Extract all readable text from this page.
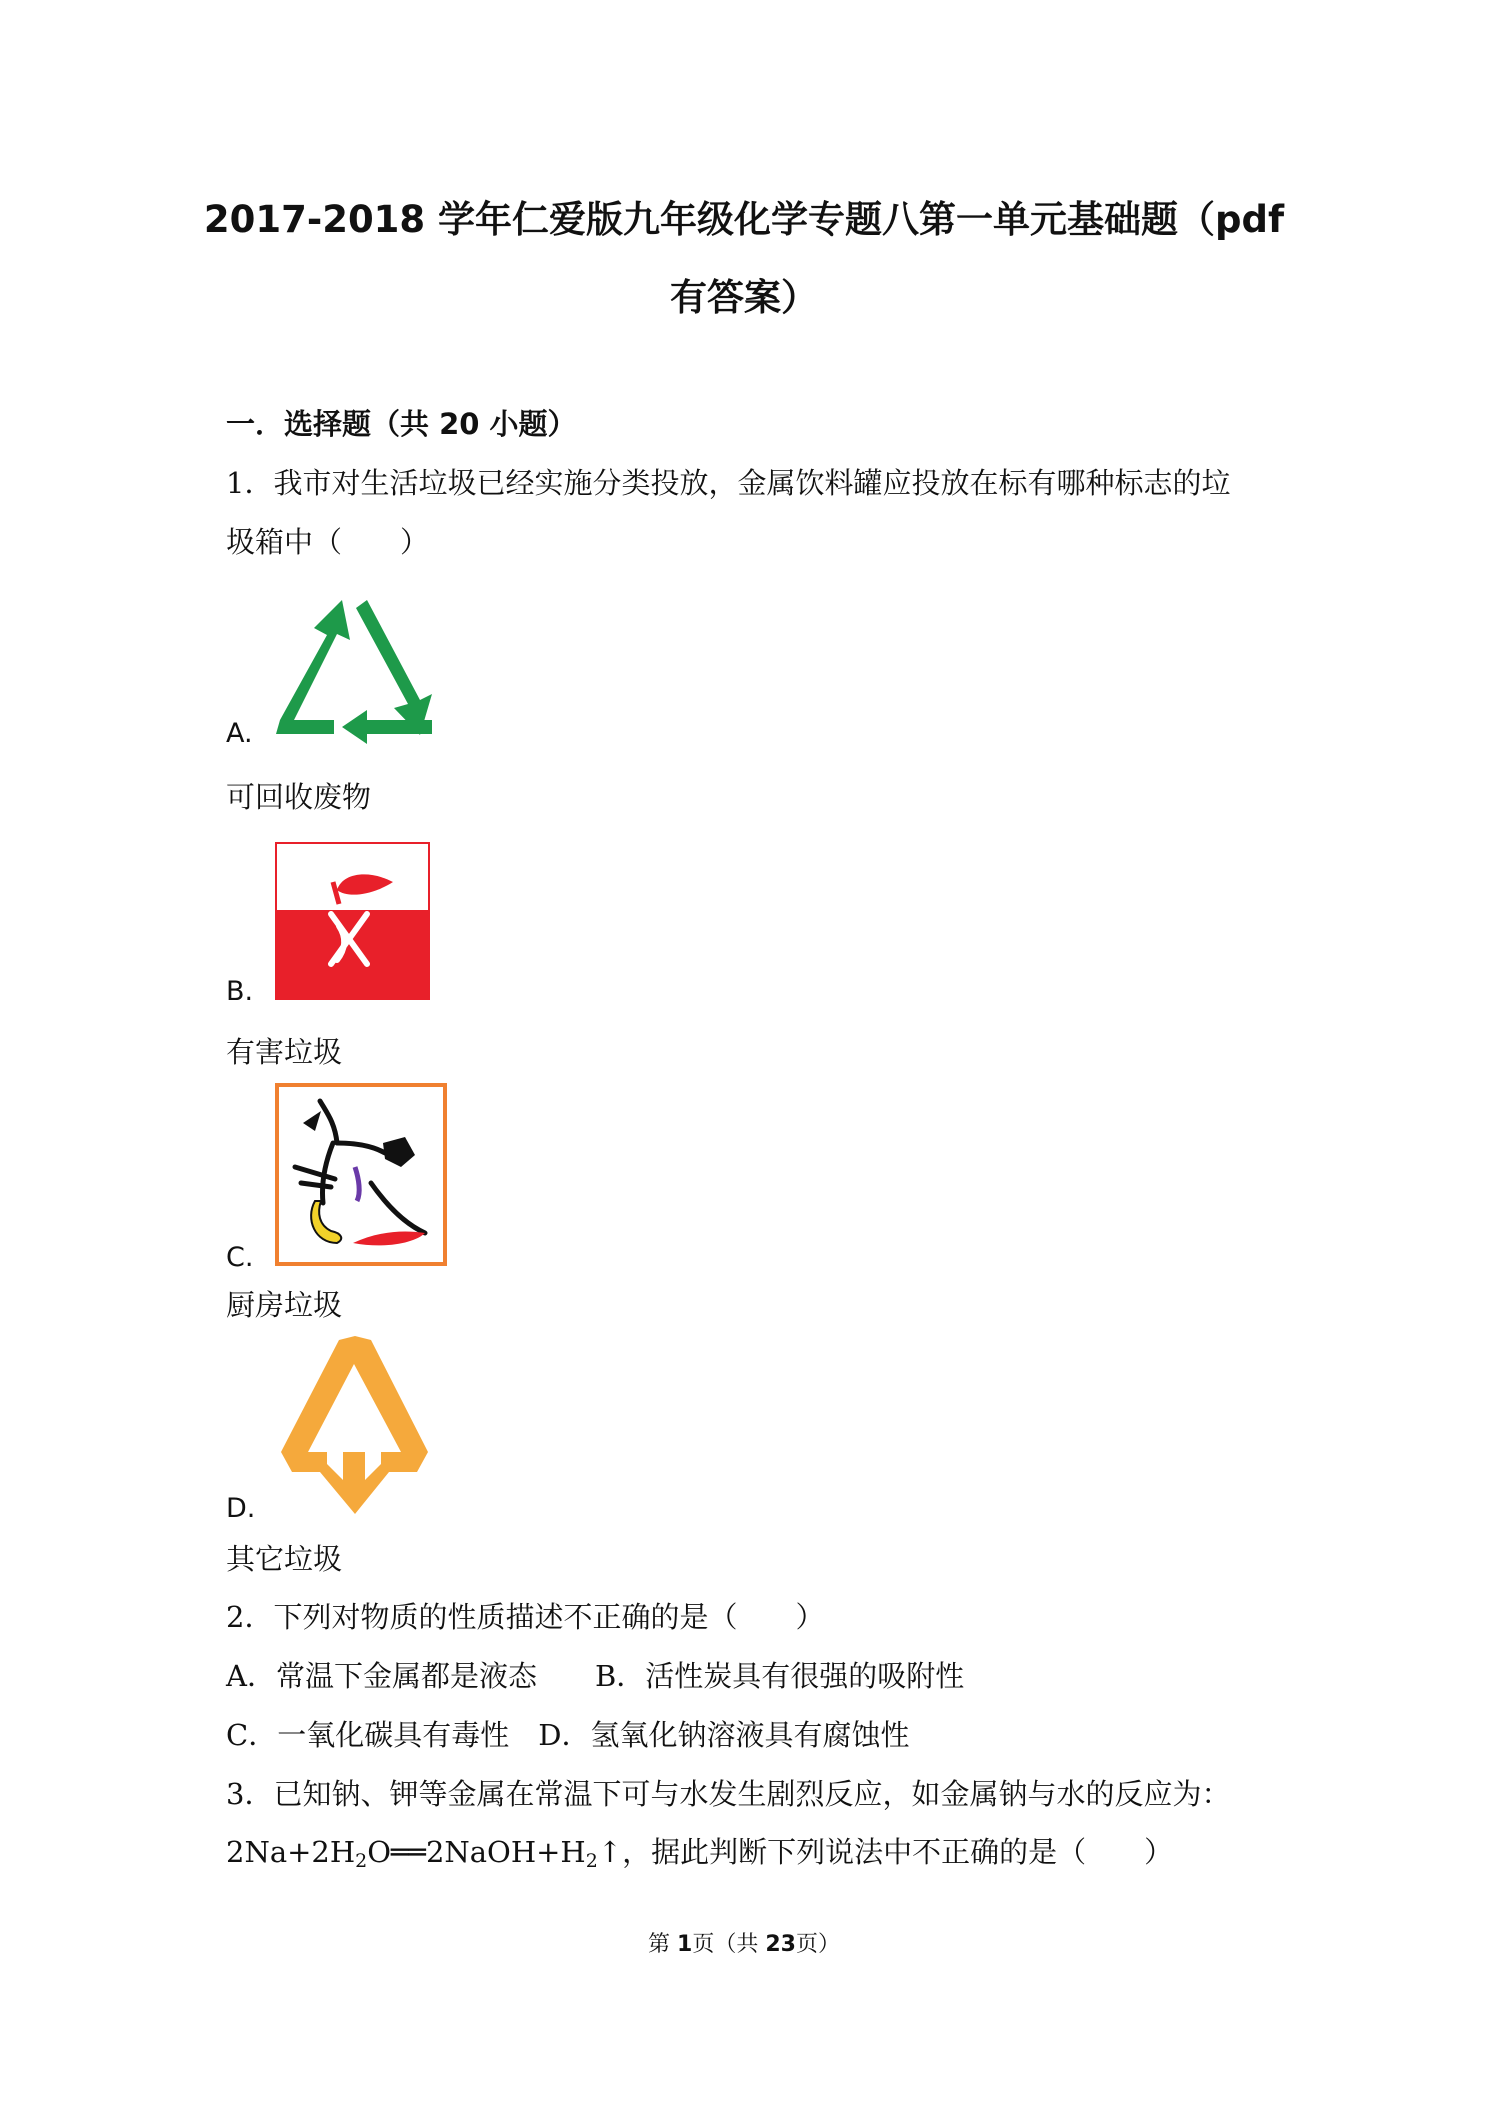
2017-2018 学年仁爱版九年级化学专题八第一单元基础题（pdf
有答案）
一．选择题（共 20 小题）
1．我市对生活垃圾已经实施分类投放，金属饮料罐应投放在标有哪种标志的垃
圾箱中（　　）
A.
可回收废物
B.
有害垃圾
C.
厨房垃圾
D.
其它垃圾
2．下列对物质的性质描述不正确的是（　　）
A．常温下金属都是液态　　B．活性炭具有很强的吸附性
C．一氧化碳具有毒性　D．氢氧化钠溶液具有腐蚀性
3．已知钠、钾等金属在常温下可与水发生剧烈反应，如金属钠与水的反应为：
$2Na+2H_2O══2NaOH+H_2↑$，据此判断下列说法中不正确的是（　　）
第 1页（共 23页）
